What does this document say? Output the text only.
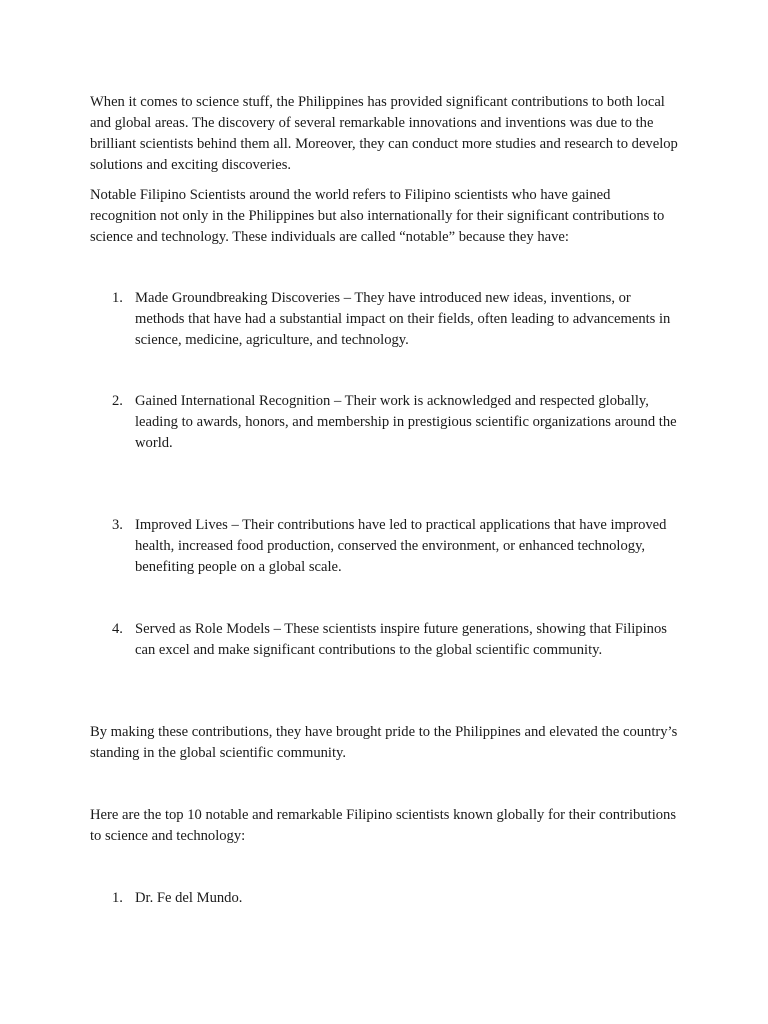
When it comes to science stuff, the Philippines has provided significant contributions to both local and global areas. The discovery of several remarkable innovations and inventions was due to the brilliant scientists behind them all. Moreover, they can conduct more studies and research to develop solutions and exciting discoveries.

Notable Filipino Scientists around the world refers to Filipino scientists who have gained recognition not only in the Philippines but also internationally for their significant contributions to science and technology. These individuals are called “notable” because they have:

1. Made Groundbreaking Discoveries – They have introduced new ideas, inventions, or methods that have had a substantial impact on their fields, often leading to advancements in science, medicine, agriculture, and technology.
2. Gained International Recognition – Their work is acknowledged and respected globally, leading to awards, honors, and membership in prestigious scientific organizations around the world.
3. Improved Lives – Their contributions have led to practical applications that have improved health, increased food production, conserved the environment, or enhanced technology, benefiting people on a global scale.
4. Served as Role Models – These scientists inspire future generations, showing that Filipinos can excel and make significant contributions to the global scientific community.

By making these contributions, they have brought pride to the Philippines and elevated the country’s standing in the global scientific community.

Here are the top 10 notable and remarkable Filipino scientists known globally for their contributions to science and technology:

1. Dr. Fe del Mundo.
